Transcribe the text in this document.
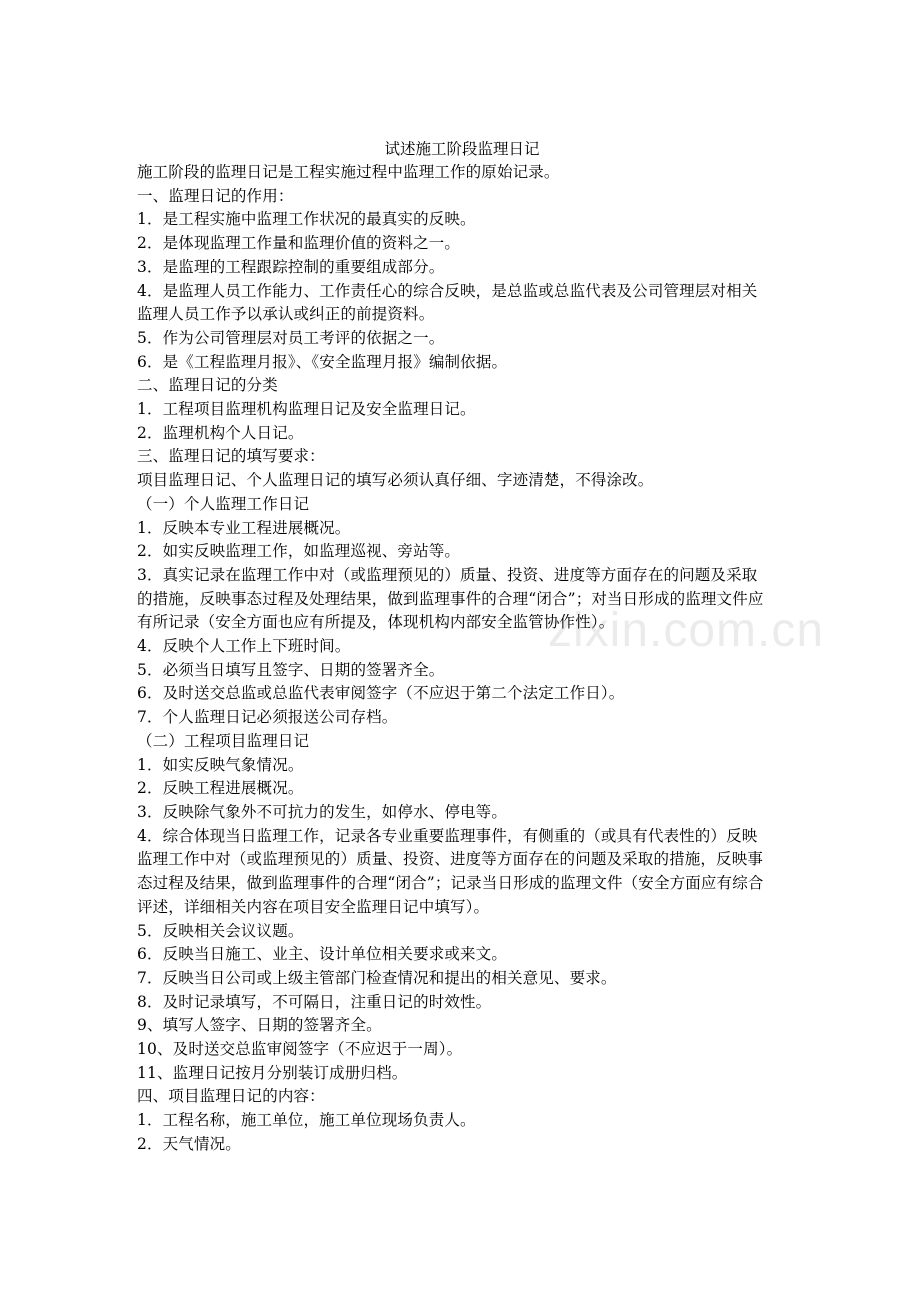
试述施工阶段监理日记
施工阶段的监理日记是工程实施过程中监理工作的原始记录。
一、监理日记的作用：
1．是工程实施中监理工作状况的最真实的反映。
2．是体现监理工作量和监理价值的资料之一。
3．是监理的工程跟踪控制的重要组成部分。
4．是监理人员工作能力、工作责任心的综合反映，是总监或总监代表及公司管理层对相关
监理人员工作予以承认或纠正的前提资料。
5．作为公司管理层对员工考评的依据之一。
6．是《工程监理月报》、《安全监理月报》编制依据。
二、监理日记的分类
1．工程项目监理机构监理日记及安全监理日记。
2．监理机构个人日记。
三、监理日记的填写要求：
项目监理日记、个人监理日记的填写必须认真仔细、字迹清楚，不得涂改。
（一）个人监理工作日记
1．反映本专业工程进展概况。
2．如实反映监理工作，如监理巡视、旁站等。
3．真实记录在监理工作中对（或监理预见的）质量、投资、进度等方面存在的问题及采取
的措施，反映事态过程及处理结果，做到监理事件的合理“闭合”；对当日形成的监理文件应
有所记录（安全方面也应有所提及，体现机构内部安全监管协作性）。
4．反映个人工作上下班时间。
5．必须当日填写且签字、日期的签署齐全。
6．及时送交总监或总监代表审阅签字（不应迟于第二个法定工作日）。
7．个人监理日记必须报送公司存档。
（二）工程项目监理日记
1．如实反映气象情况。
2．反映工程进展概况。
3．反映除气象外不可抗力的发生，如停水、停电等。
4．综合体现当日监理工作，记录各专业重要监理事件，有侧重的（或具有代表性的）反映
监理工作中对（或监理预见的）质量、投资、进度等方面存在的问题及采取的措施，反映事
态过程及结果，做到监理事件的合理“闭合”；记录当日形成的监理文件（安全方面应有综合
评述，详细相关内容在项目安全监理日记中填写）。
5．反映相关会议议题。
6．反映当日施工、业主、设计单位相关要求或来文。
7．反映当日公司或上级主管部门检查情况和提出的相关意见、要求。
8．及时记录填写，不可隔日，注重日记的时效性。
9、填写人签字、日期的签署齐全。
10、及时送交总监审阅签字（不应迟于一周）。
11、监理日记按月分别装订成册归档。
四、项目监理日记的内容：
1．工程名称，施工单位，施工单位现场负责人。
2．天气情况。
zixin.com.cn
